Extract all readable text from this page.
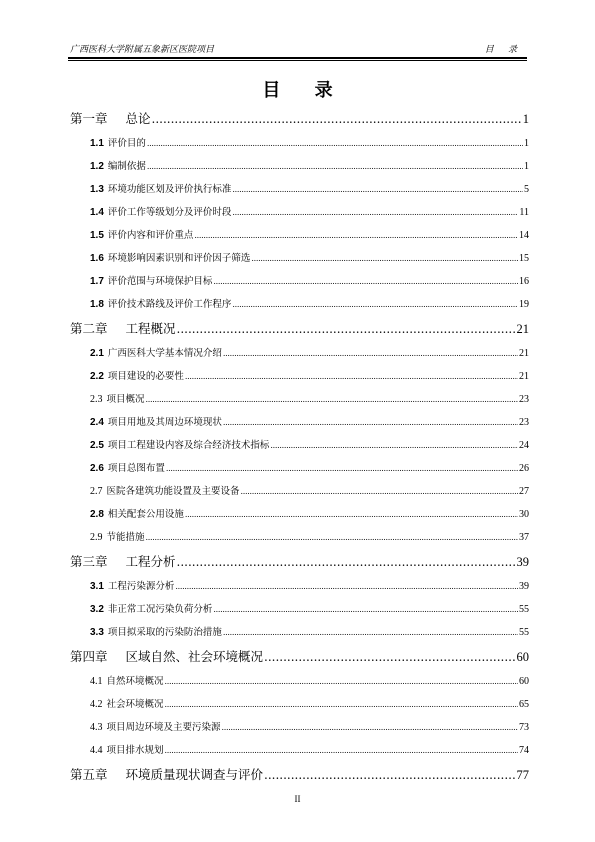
广西医科大学附属五象新区医院项目	目 录
目 录
第一章 总论 .....	1
1.1 评价目的 .....	1
1.2 编制依据 .....	1
1.3 环境功能区划及评价执行标准 .....	5
1.4 评价工作等级划分及评价时段 .....	11
1.5 评价内容和评价重点 .....	14
1.6 环境影响因素识别和评价因子筛选 .....	15
1.7 评价范围与环境保护目标 .....	16
1.8 评价技术路线及评价工作程序 .....	19
第二章 工程概况 .....	21
2.1 广西医科大学基本情况介绍 .....	21
2.2 项目建设的必要性 .....	21
2.3 项目概况 .....	23
2.4 项目用地及其周边环境现状 .....	23
2.5 项目工程建设内容及综合经济技术指标 .....	24
2.6 项目总图布置 .....	26
2.7 医院各建筑功能设置及主要设备 .....	27
2.8 相关配套公用设施 .....	30
2.9 节能措施 .....	37
第三章 工程分析 .....	39
3.1 工程污染源分析 .....	39
3.2 非正常工况污染负荷分析 .....	55
3.3 项目拟采取的污染防治措施 .....	55
第四章 区域自然、社会环境概况 .....	60
4.1 自然环境概况 .....	60
4.2 社会环境概况 .....	65
4.3 项目周边环境及主要污染源 .....	73
4.4 项目排水规划 .....	74
第五章 环境质量现状调查与评价 .....	77
II
